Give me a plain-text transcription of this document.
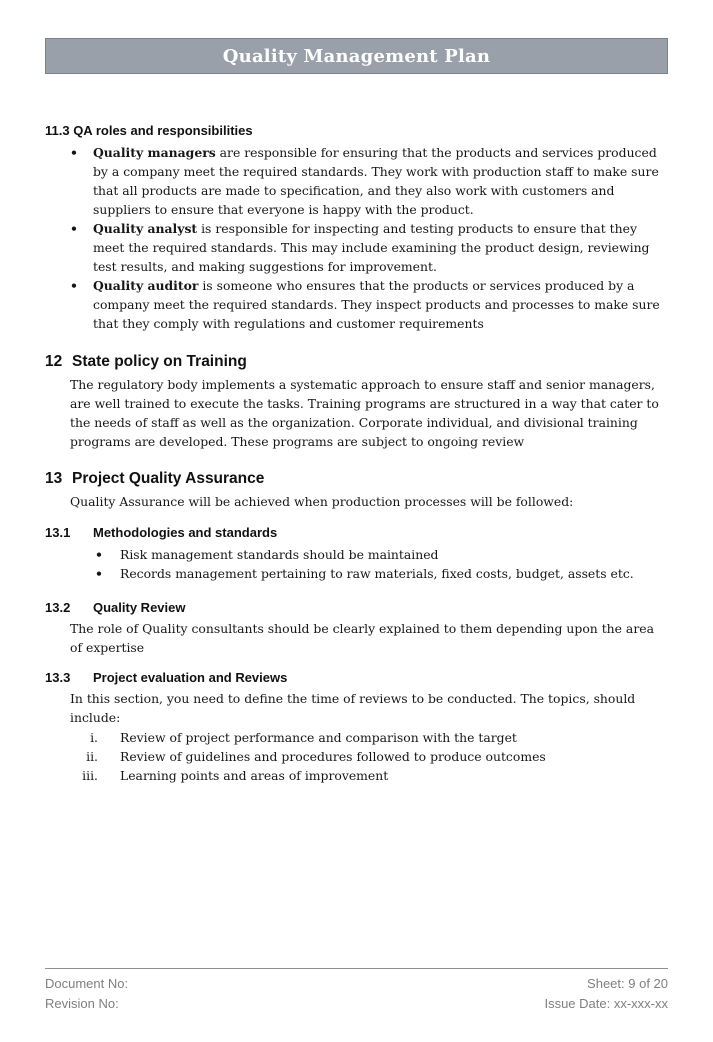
Quality Management Plan
11.3 QA roles and responsibilities
• Quality managers are responsible for ensuring that the products and services produced by a company meet the required standards. They work with production staff to make sure that all products are made to specification, and they also work with customers and suppliers to ensure that everyone is happy with the product.
• Quality analyst is responsible for inspecting and testing products to ensure that they meet the required standards. This may include examining the product design, reviewing test results, and making suggestions for improvement.
• Quality auditor is someone who ensures that the products or services produced by a company meet the required standards. They inspect products and processes to make sure that they comply with regulations and customer requirements
12 State policy on Training

The regulatory body implements a systematic approach to ensure staff and senior managers, are well trained to execute the tasks. Training programs are structured in a way that cater to the needs of staff as well as the organization. Corporate individual, and divisional training programs are developed. These programs are subject to ongoing review

13 Project Quality Assurance

Quality Assurance will be achieved when production processes will be followed:

13.1	Methodologies and standards
• Risk management standards should be maintained
• Records management pertaining to raw materials, fixed costs, budget, assets etc.
13.2	Quality Review

The role of Quality consultants should be clearly explained to them depending upon the area of expertise

13.3	Project evaluation and Reviews

In this section, you need to define the time of reviews to be conducted. The topics, should include:

i. Review of project performance and comparison with the target
ii. Review of guidelines and procedures followed to produce outcomes
iii. Learning points and areas of improvement
Document No:	Sheet: 9 of 20
Revision No:	Issue Date: xx-xxx-xx
